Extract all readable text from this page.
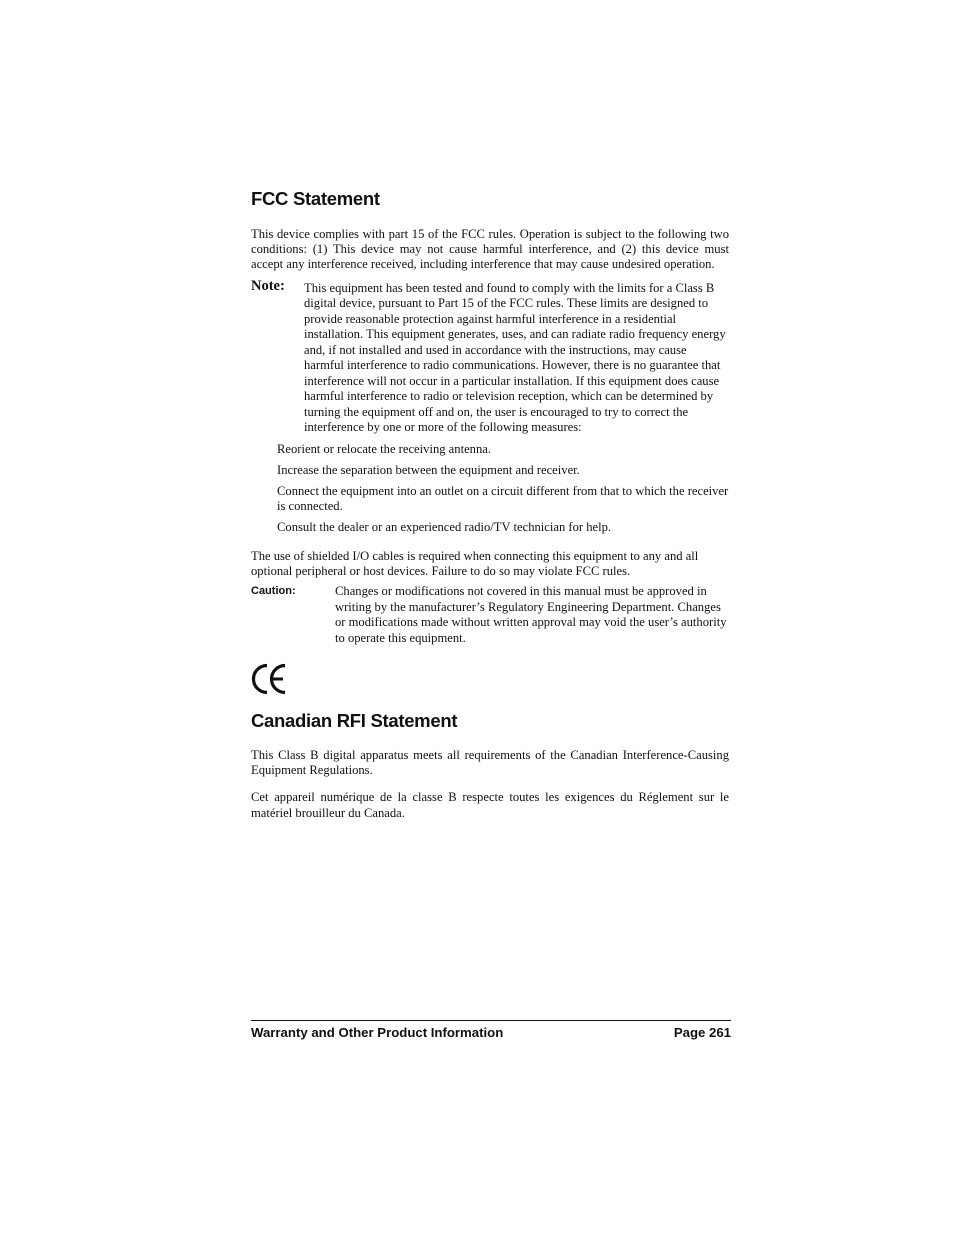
FCC Statement

This device complies with part 15 of the FCC rules. Operation is subject to the following two conditions: (1) This device may not cause harmful interference, and (2) this device must accept any interference received, including interference that may cause undesired operation.

Note:	This equipment has been tested and found to comply with the limits for a Class B digital device, pursuant to Part 15 of the FCC rules. These limits are designed to provide reasonable protection against harmful interference in a residential installation. This equipment generates, uses, and can radiate radio frequency energy and, if not installed and used in accordance with the instructions, may cause harmful interference to radio communications. However, there is no guarantee that interference will not occur in a particular installation. If this equipment does cause harmful interference to radio or television reception, which can be determined by turning the equipment off and on, the user is encouraged to try to correct the interference by one or more of the following measures:

Reorient or relocate the receiving antenna.

Increase the separation between the equipment and receiver.

Connect the equipment into an outlet on a circuit different from that to which the receiver is connected.

Consult the dealer or an experienced radio/TV technician for help.

The use of shielded I/O cables is required when connecting this equipment to any and all optional peripheral or host devices. Failure to do so may violate FCC rules.

Caution:	Changes or modifications not covered in this manual must be approved in writing by the manufacturer’s Regulatory Engineering Department. Changes or modifications made without written approval may void the user’s authority to operate this equipment.
Canadian RFI Statement

This Class B digital apparatus meets all requirements of the Canadian Interference-Causing Equipment Regulations.

Cet appareil numérique de la classe B respecte toutes les exigences du Réglement sur le matériel brouilleur du Canada.

Warranty and Other Product Information	Page 261
